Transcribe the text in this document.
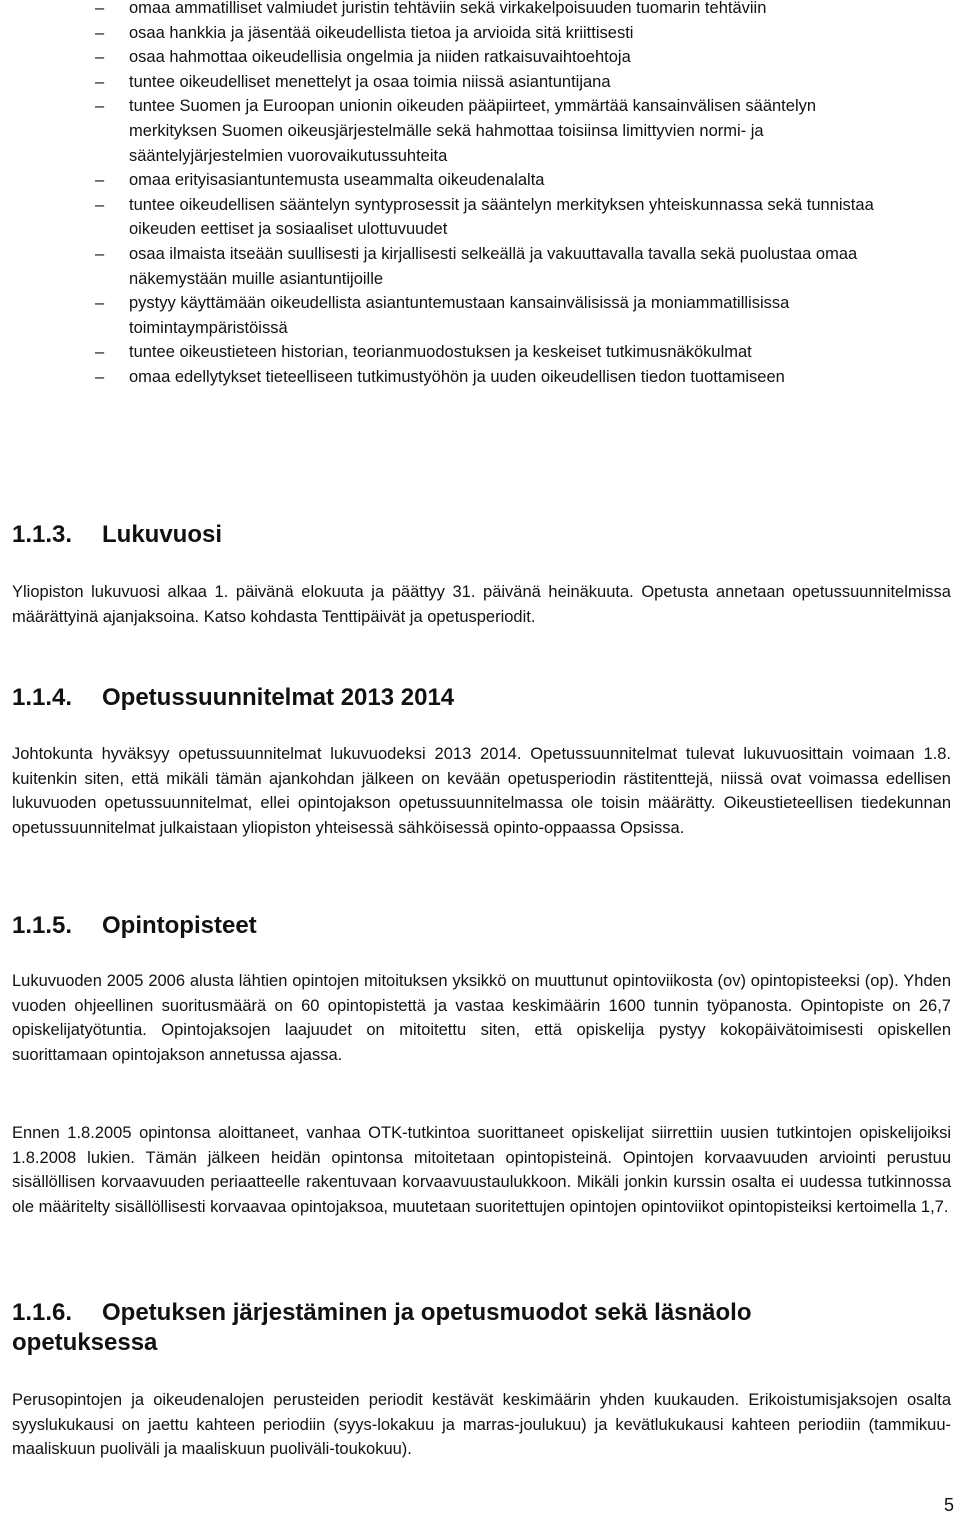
– omaa ammatilliset valmiudet juristin tehtäviin sekä virkakelpoisuuden tuomarin tehtäviin
– osaa hankkia ja jäsentää oikeudellista tietoa ja arvioida sitä kriittisesti
– osaa hahmottaa oikeudellisia ongelmia ja niiden ratkaisuvaihtoehtoja
– tuntee oikeudelliset menettelyt ja osaa toimia niissä asiantuntijana
– tuntee Suomen ja Euroopan unionin oikeuden pääpiirteet, ymmärtää kansainvälisen sääntelyn merkityksen Suomen oikeusjärjestelmälle sekä hahmottaa toisiinsa limittyvien normi- ja sääntelyjärjestelmien vuorovaikutussuhteita
– omaa erityisasiantuntemusta useammalta oikeudenalalta
– tuntee oikeudellisen sääntelyn syntyprosessit ja sääntelyn merkityksen yhteiskunnassa sekä tunnistaa oikeuden eettiset ja sosiaaliset ulottuvuudet
– osaa ilmaista itseään suullisesti ja kirjallisesti selkeällä ja vakuuttavalla tavalla sekä puolustaa omaa näkemystään muille asiantuntijoille
– pystyy käyttämään oikeudellista asiantuntemustaan kansainvälisissä ja moniammatillisissa toimintaympäristöissä
– tuntee oikeustieteen historian, teorianmuodostuksen ja keskeiset tutkimusnäkökulmat
– omaa edellytykset tieteelliseen tutkimustyöhön ja uuden oikeudellisen tiedon tuottamiseen
1.1.3. Lukuvuosi

Yliopiston lukuvuosi alkaa 1. päivänä elokuuta ja päättyy 31. päivänä heinäkuuta. Opetusta annetaan opetussuunnitelmissa määrättyinä ajanjaksoina. Katso kohdasta Tenttipäivät ja opetusperiodit.

1.1.4. Opetussuunnitelmat 2013 2014

Johtokunta hyväksyy opetussuunnitelmat lukuvuodeksi 2013 2014. Opetussuunnitelmat tulevat lukuvuosittain voimaan 1.8. kuitenkin siten, että mikäli tämän ajankohdan jälkeen on kevään opetusperiodin rästitenttejä, niissä ovat voimassa edellisen lukuvuoden opetussuunnitelmat, ellei opintojakson opetussuunnitelmassa ole toisin määrätty. Oikeustieteellisen tiedekunnan opetussuunnitelmat julkaistaan yliopiston yhteisessä sähköisessä opinto-oppaassa Opsissa.

1.1.5. Opintopisteet

Lukuvuoden 2005 2006 alusta lähtien opintojen mitoituksen yksikkö on muuttunut opintoviikosta (ov) opintopisteeksi (op). Yhden vuoden ohjeellinen suoritusmäärä on 60 opintopistettä ja vastaa keskimäärin 1600 tunnin työpanosta. Opintopiste on 26,7 opiskelijatyötuntia. Opintojaksojen laajuudet on mitoitettu siten, että opiskelija pystyy kokopäivätoimisesti opiskellen suorittamaan opintojakson annetussa ajassa.

Ennen 1.8.2005 opintonsa aloittaneet, vanhaa OTK-tutkintoa suorittaneet opiskelijat siirrettiin uusien tutkintojen opiskelijoiksi 1.8.2008 lukien. Tämän jälkeen heidän opintonsa mitoitetaan opintopisteinä. Opintojen korvaavuuden arviointi perustuu sisällöllisen korvaavuuden periaatteelle rakentuvaan korvaavuustaulukkoon. Mikäli jonkin kurssin osalta ei uudessa tutkinnossa ole määritelty sisällöllisesti korvaavaa opintojaksoa, muutetaan suoritettujen opintojen opintoviikot opintopisteiksi kertoimella 1,7.

1.1.6. Opetuksen järjestäminen ja opetusmuodot sekä läsnäolo opetuksessa

Perusopintojen ja oikeudenalojen perusteiden periodit kestävät keskimäärin yhden kuukauden. Erikoistumisjaksojen osalta syyslukukausi on jaettu kahteen periodiin (syys-lokakuu ja marras-joulukuu) ja kevätlukukausi kahteen periodiin (tammikuu-maaliskuun puoliväli ja maaliskuun puoliväli-toukokuu).

5
